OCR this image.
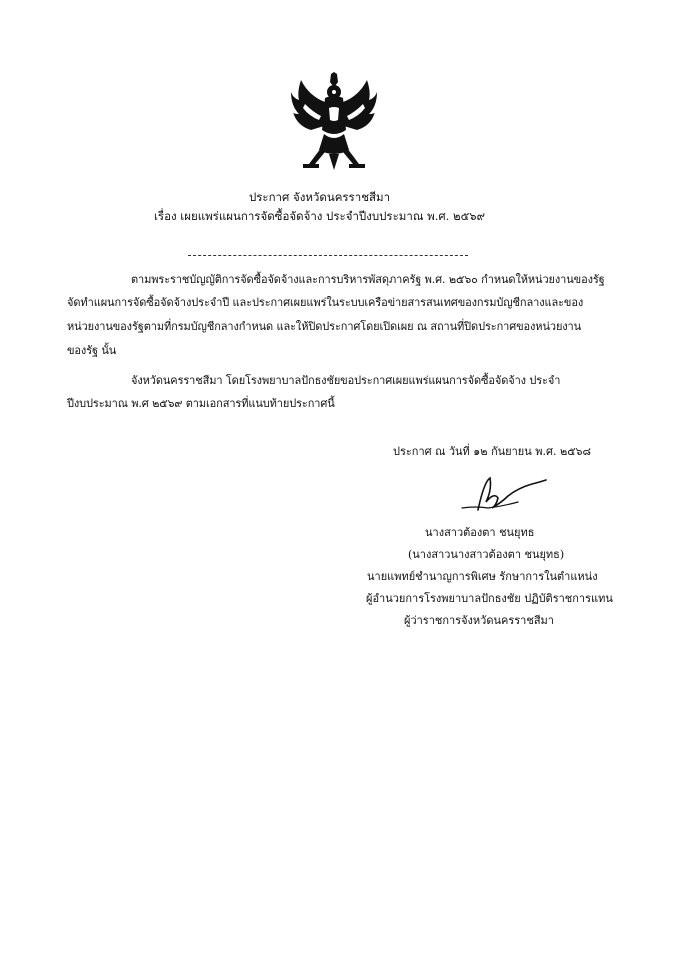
ประกาศ จังหวัดนครราชสีมา
เรื่อง เผยแพร่แผนการจัดซื้อจัดจ้าง ประจำปีงบประมาณ พ.ศ. ๒๕๖๙
ตามพระราชบัญญัติการจัดซื้อจัดจ้างและการบริหารพัสดุภาครัฐ พ.ศ. ๒๕๖๐ กำหนดให้หน่วยงานของรัฐ
จัดทำแผนการจัดซื้อจัดจ้างประจำปี และประกาศเผยแพร่ในระบบเครือข่ายสารสนเทศของกรมบัญชีกลางและของ
หน่วยงานของรัฐตามที่กรมบัญชีกลางกำหนด และให้ปิดประกาศโดยเปิดเผย ณ สถานที่ปิดประกาศของหน่วยงาน
ของรัฐ นั้น
จังหวัดนครราชสีมา โดยโรงพยาบาลปักธงชัยขอประกาศเผยแพร่แผนการจัดซื้อจัดจ้าง ประจำ
ปีงบประมาณ พ.ศ ๒๕๖๙ ตามเอกสารที่แนบท้ายประกาศนี้
ประกาศ ณ วันที่ ๑๒ กันยายน พ.ศ. ๒๕๖๘
นางสาวต้องตา ชนยุทธ
(นางสาวนางสาวต้องตา ชนยุทธ)
นายแพทย์ชำนาญการพิเศษ รักษาการในตำแหน่ง
ผู้อำนวยการโรงพยาบาลปักธงชัย ปฏิบัติราชการแทน
ผู้ว่าราชการจังหวัดนครราชสีมา
